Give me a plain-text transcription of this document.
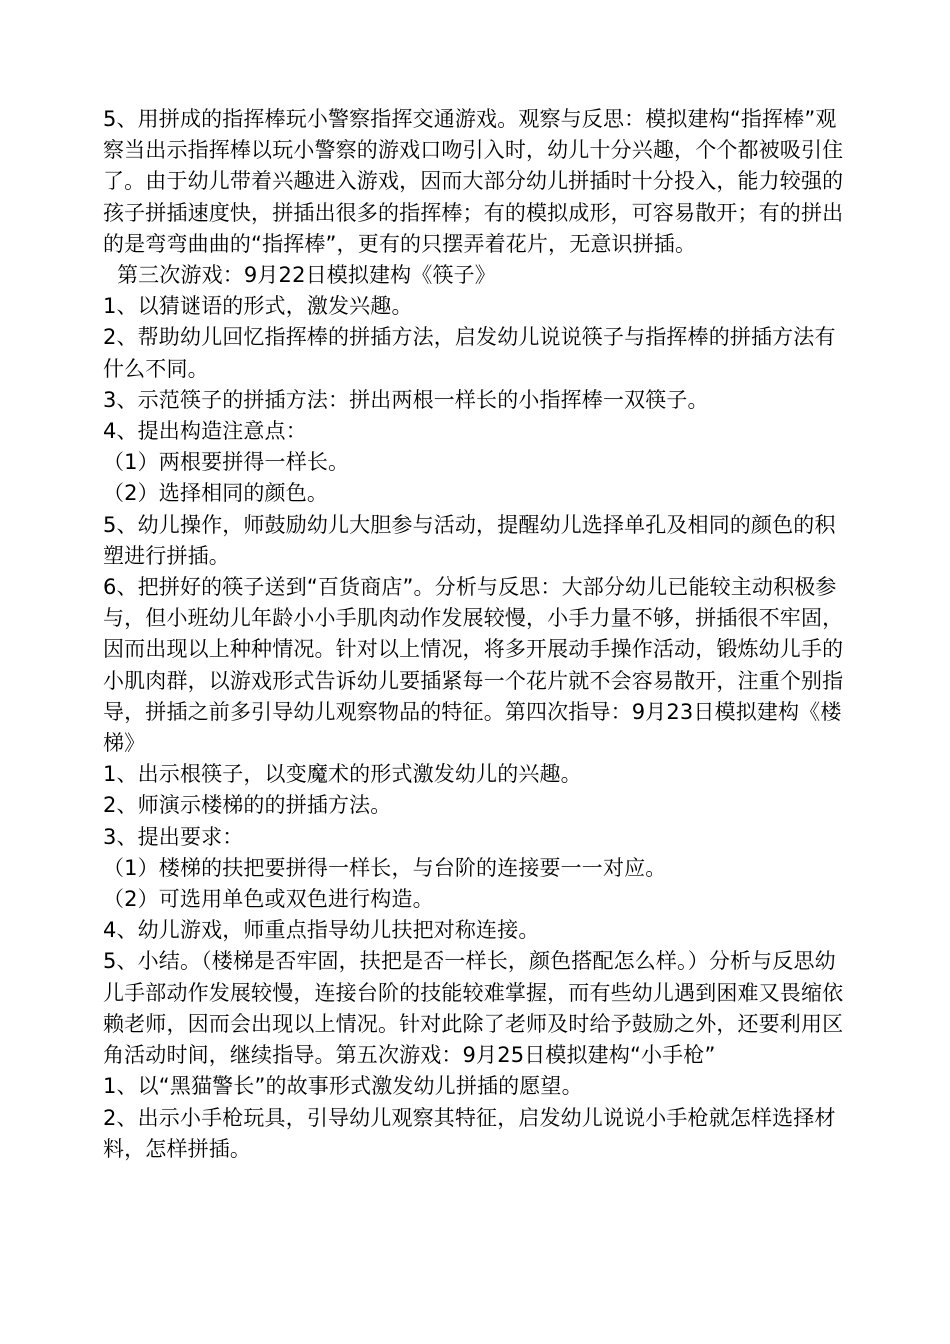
5、用拼成的指挥棒玩小警察指挥交通游戏。观察与反思：模拟建构“指挥棒”观察当出示指挥棒以玩小警察的游戏口吻引入时，幼儿十分兴趣，个个都被吸引住了。由于幼儿带着兴趣进入游戏，因而大部分幼儿拼插时十分投入，能力较强的孩子拼插速度快，拼插出很多的指挥棒；有的模拟成形，可容易散开；有的拼出的是弯弯曲曲的“指挥棒”，更有的只摆弄着花片，无意识拼插。

第三次游戏：9月22日模拟建构《筷子》

1、以猜谜语的形式，激发兴趣。

2、帮助幼儿回忆指挥棒的拼插方法，启发幼儿说说筷子与指挥棒的拼插方法有什么不同。

3、示范筷子的拼插方法：拼出两根一样长的小指挥棒一双筷子。

4、提出构造注意点：

（1）两根要拼得一样长。

（2）选择相同的颜色。

5、幼儿操作，师鼓励幼儿大胆参与活动，提醒幼儿选择单孔及相同的颜色的积塑进行拼插。

6、把拼好的筷子送到“百货商店”。分析与反思：大部分幼儿已能较主动积极参与，但小班幼儿年龄小小手肌肉动作发展较慢，小手力量不够，拼插很不牢固，因而出现以上种种情况。针对以上情况，将多开展动手操作活动，锻炼幼儿手的小肌肉群，以游戏形式告诉幼儿要插紧每一个花片就不会容易散开，注重个别指导，拼插之前多引导幼儿观察物品的特征。第四次指导：9月23日模拟建构《楼梯》

1、出示根筷子，以变魔术的形式激发幼儿的兴趣。

2、师演示楼梯的的拼插方法。

3、提出要求：

（1）楼梯的扶把要拼得一样长，与台阶的连接要一一对应。

（2）可选用单色或双色进行构造。

4、幼儿游戏，师重点指导幼儿扶把对称连接。

5、小结。（楼梯是否牢固，扶把是否一样长，颜色搭配怎么样。）分析与反思幼儿手部动作发展较慢，连接台阶的技能较难掌握，而有些幼儿遇到困难又畏缩依赖老师，因而会出现以上情况。针对此除了老师及时给予鼓励之外，还要利用区角活动时间，继续指导。第五次游戏：9月25日模拟建构“小手枪”

1、以“黑猫警长”的故事形式激发幼儿拼插的愿望。

2、出示小手枪玩具，引导幼儿观察其特征，启发幼儿说说小手枪就怎样选择材料，怎样拼插。
